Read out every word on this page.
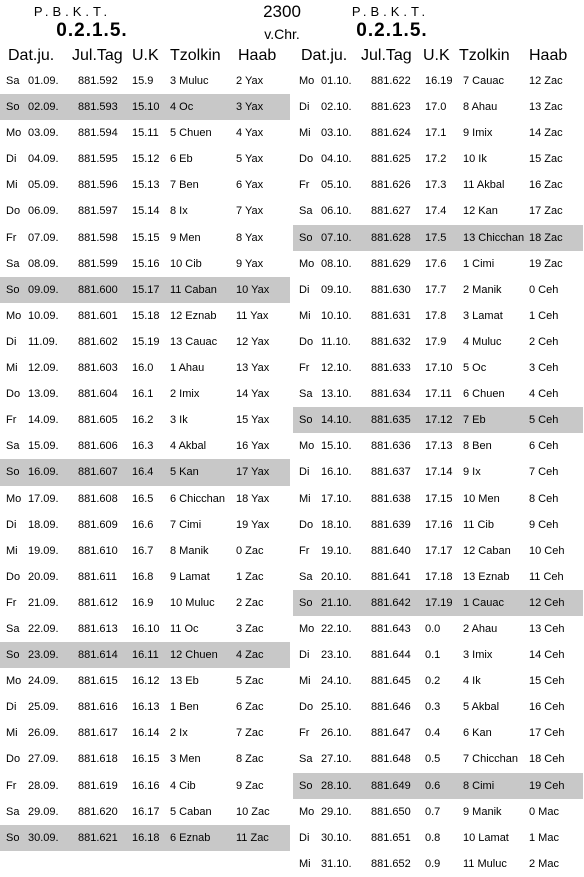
P.B.K.T.
0.2.1.5.
2300
v.Chr.
P.B.K.T.
0.2.1.5.
Dat.ju. Jul.Tag U.K Tzolkin Haab
Sa 01.09. 881.592 15.9 3 Muluc 2 Yax
So 02.09. 881.593 15.10 4 Oc	3 Yax
Mo 03.09. 881.594 15.11 5 Chuen 4 Yax
Di 04.09. 881.595 15.12 6 Eb	5 Yax
Mi 05.09. 881.596 15.13 7 Ben	6 Yax
Do 06.09. 881.597 15.14 8 Ix	7 Yax
Fr 07.09. 881.598 15.15 9 Men	8 Yax
Sa 08.09. 881.599 15.16 10 Cib	9 Yax
So 09.09. 881.600 15.17 11 Caban 10 Yax
Mo 10.09. 881.601 15.18 12 Eznab 11 Yax
Di 11.09. 881.602 15.19 13 Cauac 12 Yax
Mi 12.09. 881.603 16.0 1 Ahau	13 Yax
Do 13.09. 881.604 16.1 2 Imix	14 Yax
Fr 14.09. 881.605 16.2 3 Ik	15 Yax
Sa 15.09. 881.606 16.3 4 Akbal	16 Yax
So 16.09. 881.607 16.4 5 Kan	17 Yax
Mo 17.09. 881.608 16.5 6 Chicchan 18 Yax
Di 18.09. 881.609 16.6 7 Cimi	19 Yax
Mi 19.09. 881.610 16.7 8 Manik 0 Zac
Do 20.09. 881.611 16.8 9 Lamat 1 Zac
Fr 21.09. 881.612 16.9 10 Muluc 2 Zac
Sa 22.09. 881.613 16.10 11 Oc	3 Zac
So 23.09. 881.614 16.11 12 Chuen 4 Zac
Mo 24.09. 881.615 16.12 13 Eb	5 Zac
Di 25.09. 881.616 16.13 1 Ben	6 Zac
Mi 26.09. 881.617 16.14 2 Ix	7 Zac
Do 27.09. 881.618 16.15 3 Men	8 Zac
Fr 28.09. 881.619 16.16 4 Cib	9 Zac
Sa 29.09. 881.620 16.17 5 Caban 10 Zac
So 30.09. 881.621 16.18 6 Eznab 11 Zac
Dat.ju. Jul.Tag U.K Tzolkin Haab
Mo 01.10. 881.622 16.19 7 Cauac 12 Zac
Di 02.10. 881.623 17.0 8 Ahau	13 Zac
Mi 03.10. 881.624 17.1 9 Imix	14 Zac
Do 04.10. 881.625 17.2 10 Ik	15 Zac
Fr 05.10. 881.626 17.3 11 Akbal 16 Zac
Sa 06.10. 881.627 17.4 12 Kan	17 Zac
So 07.10. 881.628 17.5 13 Chicchan 18 Zac
Mo 08.10. 881.629 17.6 1 Cimi	19 Zac
Di 09.10. 881.630 17.7 2 Manik 0 Ceh
Mi 10.10. 881.631 17.8 3 Lamat 1 Ceh
Do 11.10. 881.632 17.9 4 Muluc 2 Ceh
Fr 12.10. 881.633 17.10 5 Oc	3 Ceh
Sa 13.10. 881.634 17.11 6 Chuen 4 Ceh
So 14.10. 881.635 17.12 7 Eb	5 Ceh
Mo 15.10. 881.636 17.13 8 Ben	6 Ceh
Di 16.10. 881.637 17.14 9 Ix	7 Ceh
Mi 17.10. 881.638 17.15 10 Men	8 Ceh
Do 18.10. 881.639 17.16 11 Cib	9 Ceh
Fr 19.10. 881.640 17.17 12 Caban 10 Ceh
Sa 20.10. 881.641 17.18 13 Eznab 11 Ceh
So 21.10. 881.642 17.19 1 Cauac 12 Ceh
Mo 22.10. 881.643 0.0 2 Ahau	13 Ceh
Di 23.10. 881.644 0.1 3 Imix	14 Ceh
Mi 24.10. 881.645 0.2 4 Ik	15 Ceh
Do 25.10. 881.646 0.3 5 Akbal	16 Ceh
Fr 26.10. 881.647 0.4 6 Kan	17 Ceh
Sa 27.10. 881.648 0.5 7 Chicchan 18 Ceh
So 28.10. 881.649 0.6 8 Cimi	19 Ceh
Mo 29.10. 881.650 0.7 9 Manik 0 Mac
Di 30.10. 881.651 0.8 10 Lamat 1 Mac
Mi 31.10. 881.652 0.9 11 Muluc 2 Mac
